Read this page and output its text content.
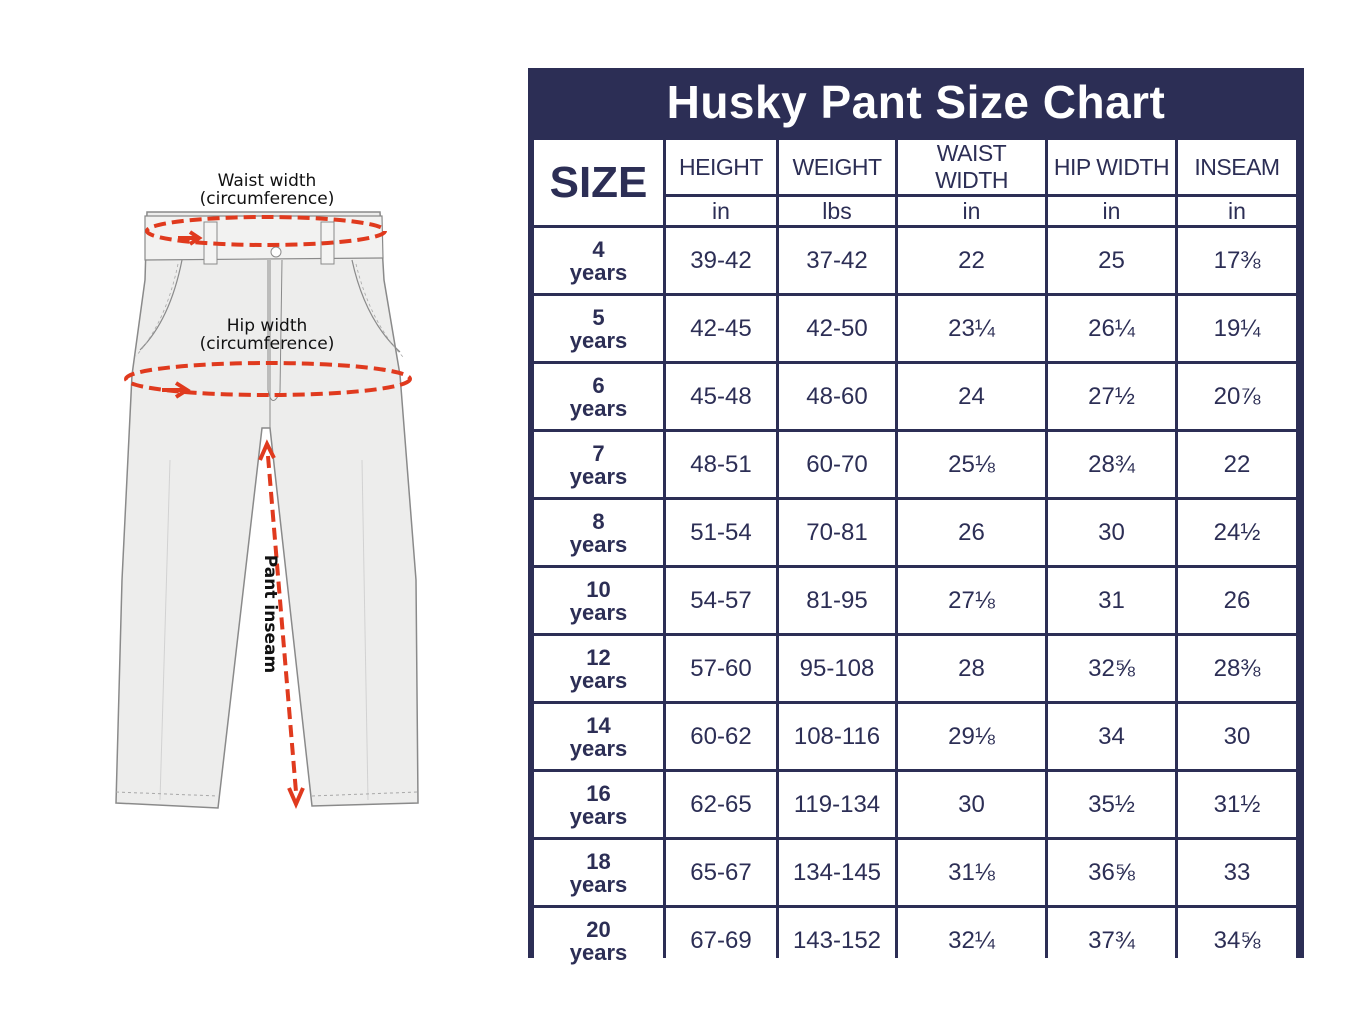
Waist width
(circumference)
Hip width
(circumference)
Pant inseam
Husky Pant Size Chart
SIZE	HEIGHT	WEIGHT	WAIST WIDTH	HIP WIDTH	INSEAM
	in	lbs	in	in	in

4
years	39-42	37-42	22	25	17⅜

5
years	42-45	42-50	23¼	26¼	19¼

6
years	45-48	48-60	24	27½	20⅞

7
years	48-51	60-70	25⅛	28¾	22

8
years	51-54	70-81	26	30	24½

10
years	54-57	81-95	27⅛	31	26

12
years	57-60	95-108	28	32⅝	28⅜

14
years	60-62	108-116	29⅛	34	30

16
years	62-65	119-134	30	35½	31½

18
years	65-67	134-145	31⅛	36⅝	33

20
years	67-69	143-152	32¼	37¾	34⅝
